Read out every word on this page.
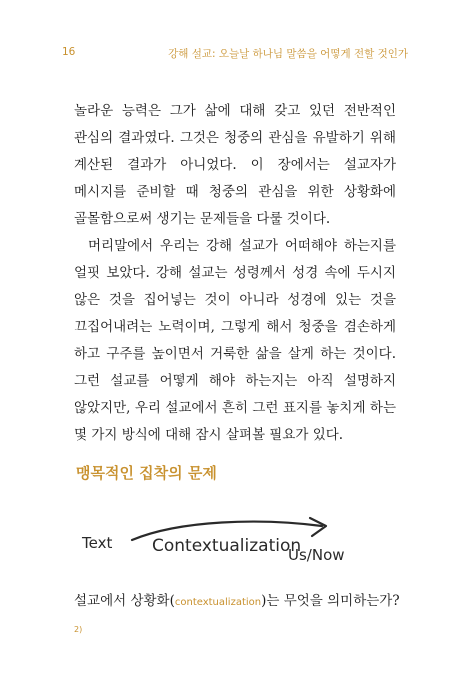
16	강해 설교: 오늘날 하나님 말씀을 어떻게 전할 것인가

놀라운 능력은 그가 삶에 대해 갖고 있던 전반적인 관심의 결과였다. 그것은 청중의 관심을 유발하기 위해 계산된 결과가 아니었다. 이 장에서는 설교자가 메시지를 준비할 때 청중의 관심을 위한 상황화에 골몰함으로써 생기는 문제들을 다룰 것이다.

머리말에서 우리는 강해 설교가 어떠해야 하는지를 얼핏 보았다. 강해 설교는 성령께서 성경 속에 두시지 않은 것을 집어넣는 것이 아니라 성경에 있는 것을 끄집어내려는 노력이며, 그렇게 해서 청중을 겸손하게 하고 구주를 높이면서 거룩한 삶을 살게 하는 것이다. 그런 설교를 어떻게 해야 하는지는 아직 설명하지 않았지만, 우리 설교에서 흔히 그런 표지를 놓치게 하는 몇 가지 방식에 대해 잠시 살펴볼 필요가 있다.

맹목적인 집착의 문제
Text Contextualization
Us/Now
설교에서 상황화(contextualization)는 무엇을 의미하는가?$^{2)}$
